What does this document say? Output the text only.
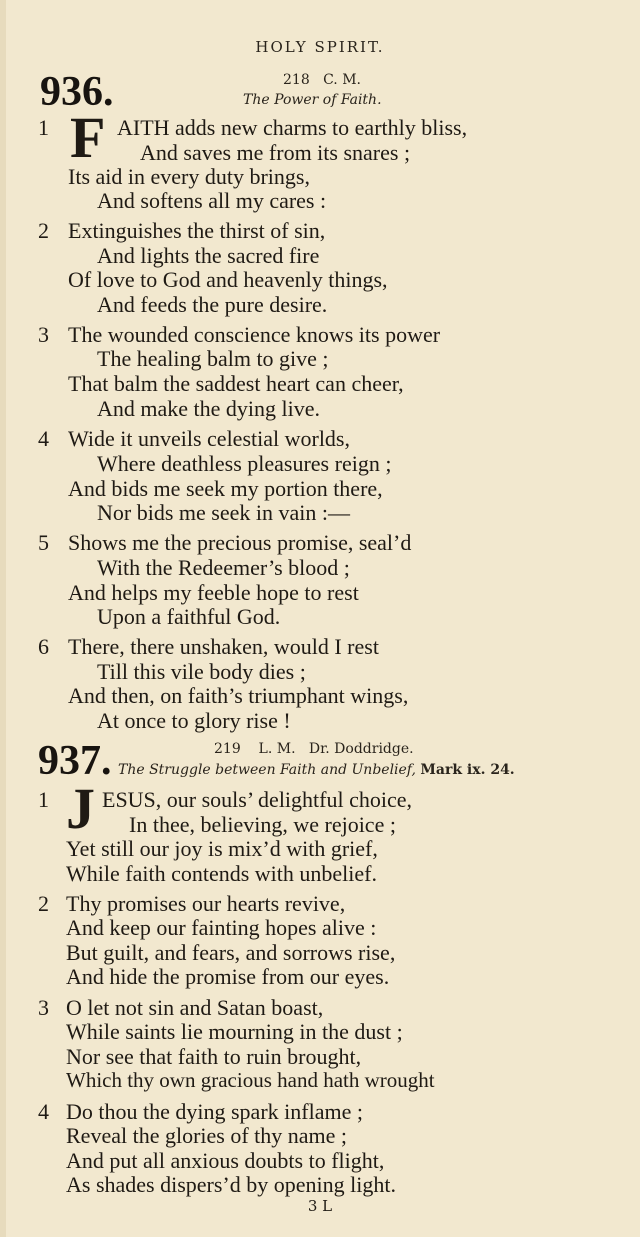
HOLY SPIRIT.
936.	218 C. M.
The Power of Faith.
F
1	AITH adds new charms to earthly bliss,
And saves me from its snares ;
Its aid in every duty brings,
And softens all my cares :
2 Extinguishes the thirst of sin,
And lights the sacred fire
Of love to God and heavenly things,
And feeds the pure desire.
3 The wounded conscience knows its power
The healing balm to give ;
That balm the saddest heart can cheer,
And make the dying live.
4 Wide it unveils celestial worlds,
Where deathless pleasures reign ;
And bids me seek my portion there,
Nor bids me seek in vain :—
5 Shows me the precious promise, seal’d
With the Redeemer’s blood ;
And helps my feeble hope to rest
Upon a faithful God.
6 There, there unshaken, would I rest
Till this vile body dies ;
And then, on faith’s triumphant wings,
At once to glory rise !
937.	219 L. M. Dr. Doddridge.
The Struggle between Faith and Unbelief, Mark ix. 24.
J
1 ESUS, our souls’ delightful choice,
In thee, believing, we rejoice ;
Yet still our joy is mix’d with grief,
While faith contends with unbelief.
2 Thy promises our hearts revive,
And keep our fainting hopes alive :
But guilt, and fears, and sorrows rise,
And hide the promise from our eyes.
3 O let not sin and Satan boast,
While saints lie mourning in the dust ;
Nor see that faith to ruin brought,
Which thy own gracious hand hath wrought
4 Do thou the dying spark inflame ;
Reveal the glories of thy name ;
And put all anxious doubts to flight,
As shades dispers’d by opening light.
3 L
